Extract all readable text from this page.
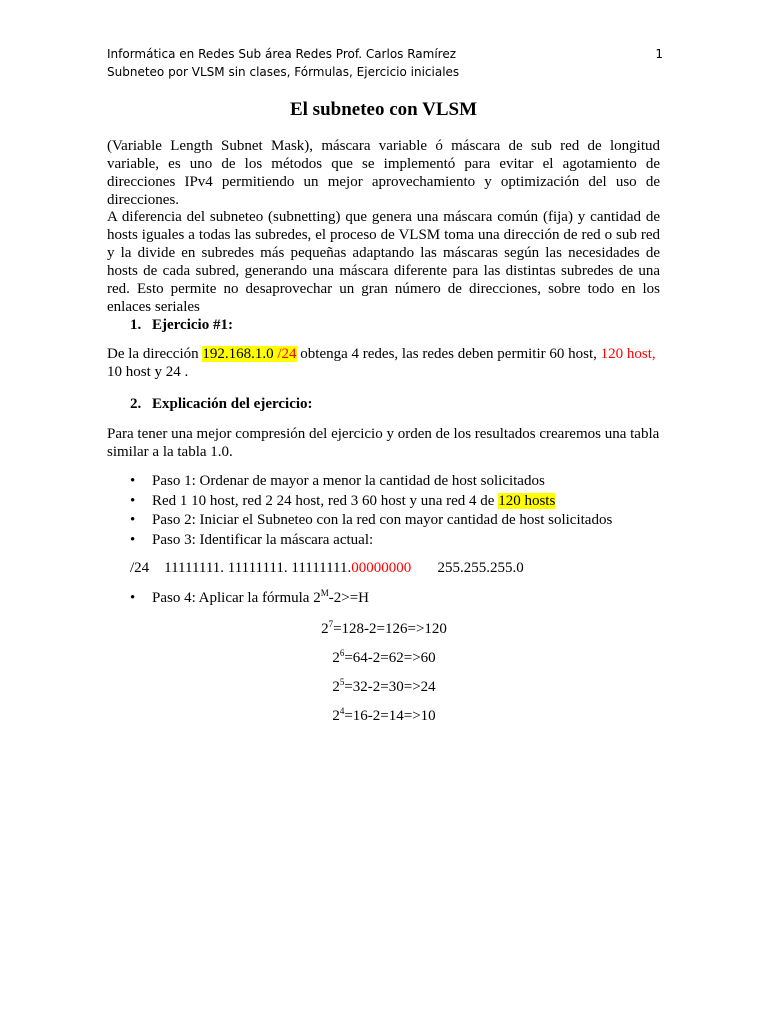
Informática en Redes Sub área Redes Prof. Carlos Ramírez
Subneteo por VLSM sin clases, Fórmulas, Ejercicio iniciales
1
El subneteo con VLSM

(Variable Length Subnet Mask), máscara variable ó máscara de sub red de longitud variable, es uno de los métodos que se implementó para evitar el agotamiento de direcciones IPv4 permitiendo un mejor aprovechamiento y optimización del uso de direcciones.

A diferencia del subneteo (subnetting) que genera una máscara común (fija) y cantidad de hosts iguales a todas las subredes, el proceso de VLSM toma una dirección de red o sub red y la divide en subredes más pequeñas adaptando las máscaras según las necesidades de hosts de cada subred, generando una máscara diferente para las distintas subredes de una red. Esto permite no desaprovechar un gran número de direcciones, sobre todo en los enlaces seriales

1. Ejercicio #1:

De la dirección 192.168.1.0 /24 obtenga 4 redes, las redes deben permitir 60 host, 120 host,
10 host y 24 .

2. Explicación del ejercicio:

Para tener una mejor compresión del ejercicio y orden de los resultados crearemos una tabla similar a la tabla 1.0.

• Paso 1: Ordenar de mayor a menor la cantidad de host solicitados
• Red 1 10 host, red 2 24 host, red 3 60 host y una red 4 de 120 hosts
• Paso 2: Iniciar el Subneteo con la red con mayor cantidad de host solicitados
• Paso 3: Identificar la máscara actual:
/24 11111111. 11111111. 11111111.00000000 255.255.255.0
• Paso 4: Aplicar la fórmula $2^M-2>=H$
$2^7=128-2=126=>120$
$2^6=64-2=62=>60$
$2^5=32-2=30=>24$
$2^4=16-2=14=>10$
